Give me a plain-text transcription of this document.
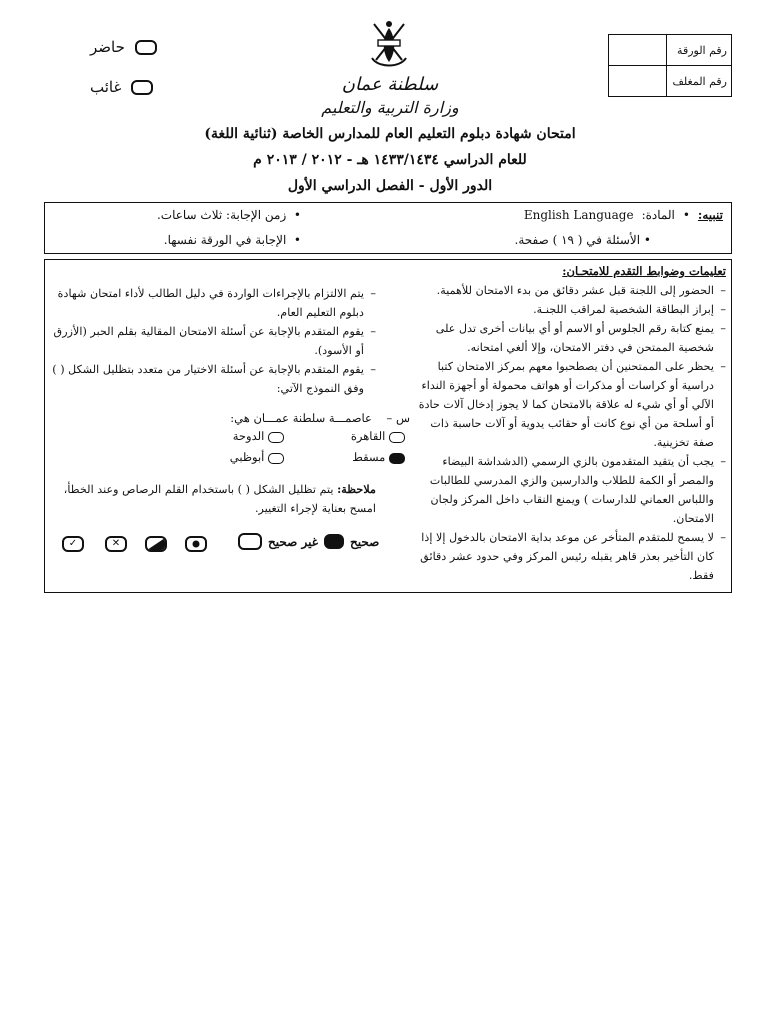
حاضر
غائب	سلطنة عمان
وزارة التربية والتعليم
	رقم الورقة
	رقم المغلف
امتحان شهادة دبلوم التعليم العام للمدارس الخاصة (ثنائية اللغة)
للعام الدراسي ١٤٣٣/١٤٣٤ هـ - ٢٠١٢ / ٢٠١٣ م
الدور الأول - الفصل الدراسي الأول
تنبيه:
•
المادة:
English Language
• الأسئلة في ( ١٩ ) صفحة.
•  زمن الإجابة: ثلاث ساعات.
•  الإجابة في الورقة نفسها.
تعليمات وضوابط التقدم للامتحـان:
– الحضور إلى اللجنة قبل عشر دقائق من بدء الامتحان للأهمية.
– إبراز البطاقة الشخصية لمراقب اللجنـة.
– يمنع كتابة رقم الجلوس أو الاسم أو أي بيانات أخرى تدل على شخصية الممتحن في دفتر الامتحان، وإلا ألغي امتحانه.
– يحظر على الممتحنين أن يصطحبوا معهم بمركز الامتحان كتبا دراسية أو كراسات أو مذكرات أو هواتف محمولة أو أجهزة النداء الآلي أو أي شيء له علاقة بالامتحان كما لا يجوز إدخال آلات حادة أو أسلحة من أي نوع كانت أو حقائب يدوية أو آلات حاسبة ذات صفة تخزينية.
– يجب أن يتقيد المتقدمون بالزي الرسمي (الدشداشة البيضاء والمصر أو الكمة للطلاب والدارسين والزي المدرسي للطالبات واللباس العماني للدارسات ) ويمنع النقاب داخل المركز ولجان الامتحان.
– لا يسمح للمتقدم المتأخر عن موعد بداية الامتحان بالدخول إلا إذا كان التأخير بعذر قاهر يقبله رئيس المركز وفي حدود عشر دقائق فقط.
– يتم الالتزام بالإجراءات الواردة في دليل الطالب لأداء امتحان شهادة دبلوم التعليم العام.
– يقوم المتقدم بالإجابة عن أسئلة الامتحان المقالية بقلم الحبر (الأزرق أو الأسود).
– يقوم المتقدم بالإجابة عن أسئلة الاختيار من متعدد بتظليل الشكل ( ) وفق النموذج الآتي:
س –    عاصمـــة سلطنة عمـــان هي:
القاهرة
الدوحة
مسقط
أبوظبي
ملاحظة: يتم تظليل الشكل ( ) باستخدام القلم الرصاص وعند الخطأ، امسح بعناية لإجراء التغيير.
صحيح
غير صحيح
✓	✕
